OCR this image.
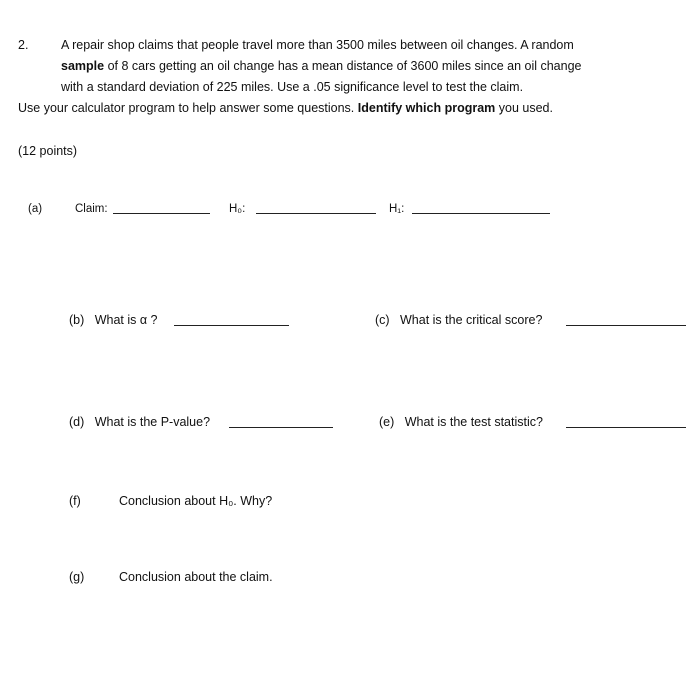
2.	A repair shop claims that people travel more than 3500 miles between oil changes. A random
sample of 8 cars getting an oil change has a mean distance of 3600 miles since an oil change
with a standard deviation of 225 miles. Use a .05 significance level to test the claim.
Use your calculator program to help answer some questions. Identify which program you used.
(12 points)
(a)	Claim:	H₀:	H₁:
(b) What is α ?	(c) What is the critical score?
(d) What is the P-value?	(e) What is the test statistic?
(f)	Conclusion about H₀. Why?
(g)	Conclusion about the claim.
